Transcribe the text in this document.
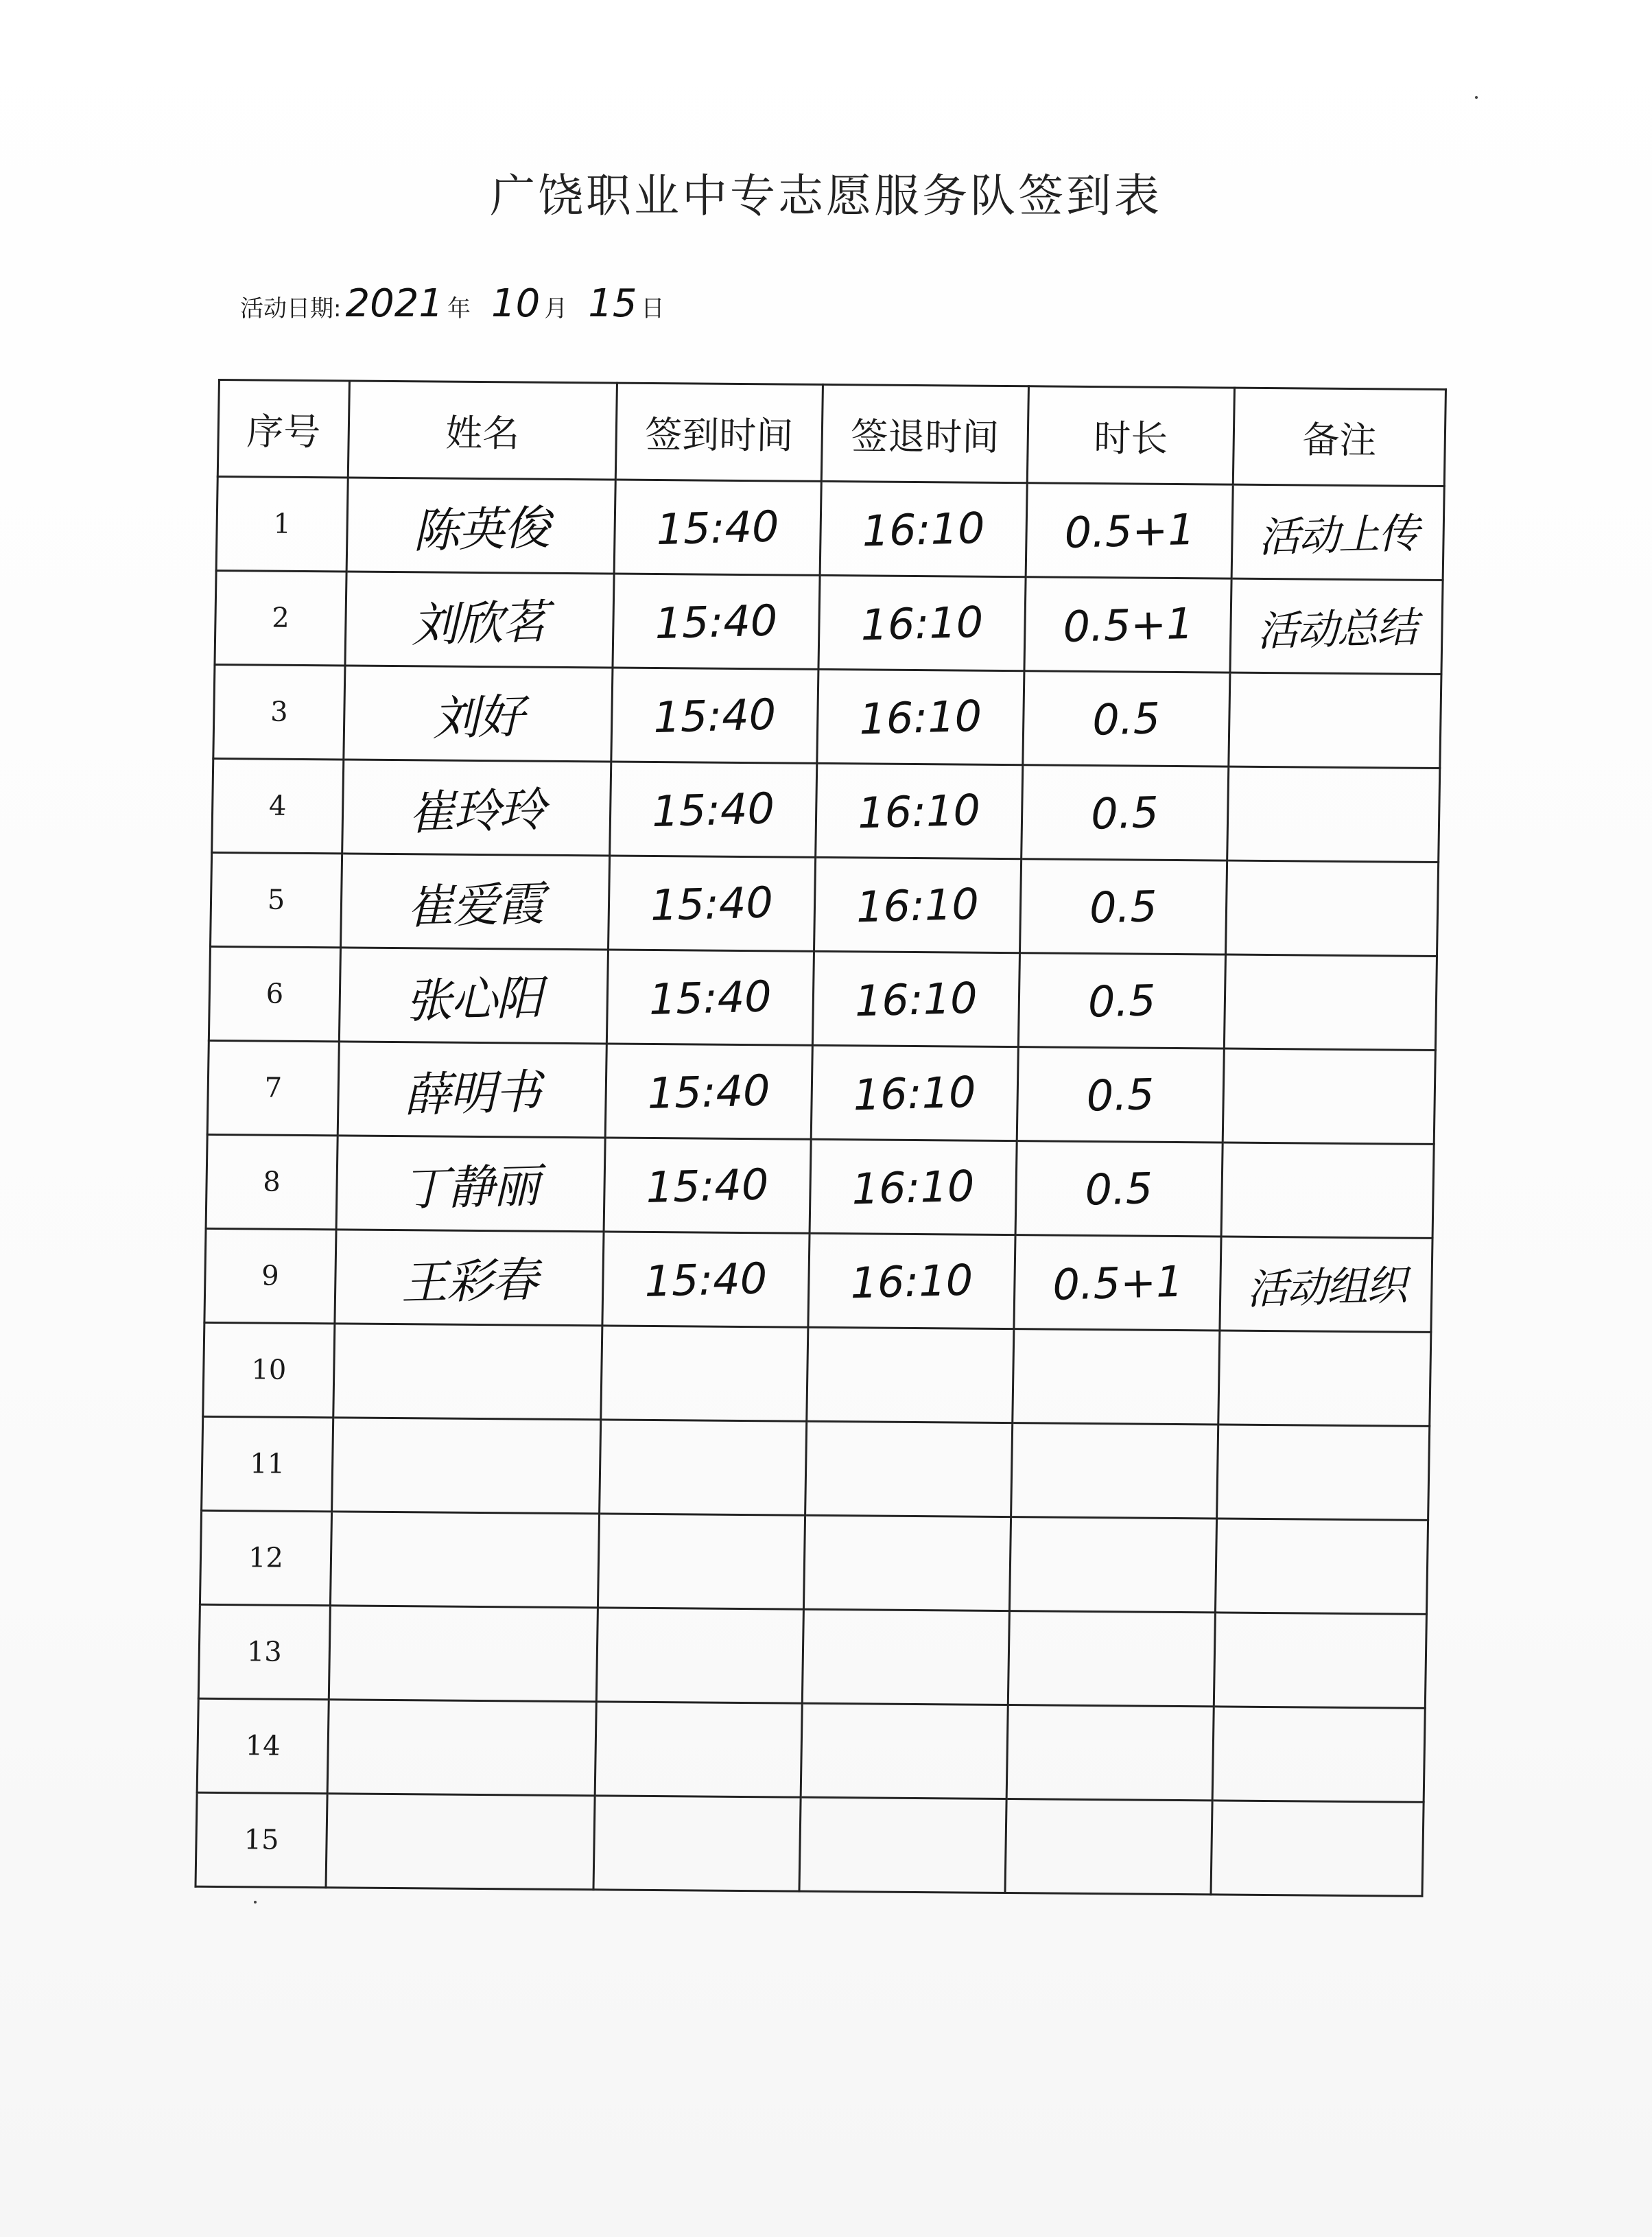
广饶职业中专志愿服务队签到表
活动日期: 2021 年 10 月 15 日
序号	姓名	签到时间	签退时间	时长	备注
1	陈英俊	15:40	16:10	0.5+1	活动上传
2	刘欣茗	15:40	16:10	0.5+1	活动总结
3	刘好	15:40	16:10	0.5	
4	崔玲玲	15:40	16:10	0.5	
5	崔爱霞	15:40	16:10	0.5	
6	张心阳	15:40	16:10	0.5	
7	薛明书	15:40	16:10	0.5	
8	丁静丽	15:40	16:10	0.5	
9	王彩春	15:40	16:10	0.5+1	活动组织
10					
11					
12					
13					
14					
15					
